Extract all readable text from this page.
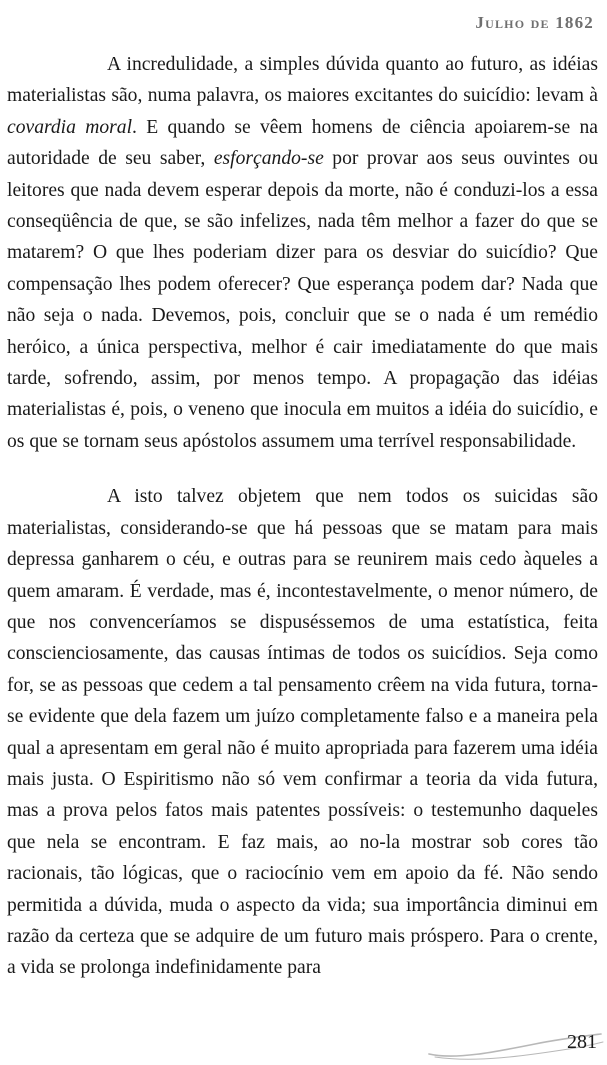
Julho de 1862

A incredulidade, a simples dúvida quanto ao futuro, as idéias materialistas são, numa palavra, os maiores excitantes do suicídio: levam à covardia moral. E quando se vêem homens de ciência apoiarem-se na autoridade de seu saber, esforçando-se por provar aos seus ouvintes ou leitores que nada devem esperar depois da morte, não é conduzi-los a essa conseqüência de que, se são infelizes, nada têm melhor a fazer do que se matarem? O que lhes poderiam dizer para os desviar do suicídio? Que compensação lhes podem oferecer? Que esperança podem dar? Nada que não seja o nada. Devemos, pois, concluir que se o nada é um remédio heróico, a única perspectiva, melhor é cair imediatamente do que mais tarde, sofrendo, assim, por menos tempo. A propagação das idéias materialistas é, pois, o veneno que inocula em muitos a idéia do suicídio, e os que se tornam seus apóstolos assumem uma terrível responsabilidade.

A isto talvez objetem que nem todos os suicidas são materialistas, considerando-se que há pessoas que se matam para mais depressa ganharem o céu, e outras para se reunirem mais cedo àqueles a quem amaram. É verdade, mas é, incontestavelmente, o menor número, de que nos convenceríamos se dispuséssemos de uma estatística, feita conscienciosamente, das causas íntimas de todos os suicídios. Seja como for, se as pessoas que cedem a tal pensamento crêem na vida futura, torna-se evidente que dela fazem um juízo completamente falso e a maneira pela qual a apresentam em geral não é muito apropriada para fazerem uma idéia mais justa. O Espiritismo não só vem confirmar a teoria da vida futura, mas a prova pelos fatos mais patentes possíveis: o testemunho daqueles que nela se encontram. E faz mais, ao no-la mostrar sob cores tão racionais, tão lógicas, que o raciocínio vem em apoio da fé. Não sendo permitida a dúvida, muda o aspecto da vida; sua importância diminui em razão da certeza que se adquire de um futuro mais próspero. Para o crente, a vida se prolonga indefinidamente para

281
